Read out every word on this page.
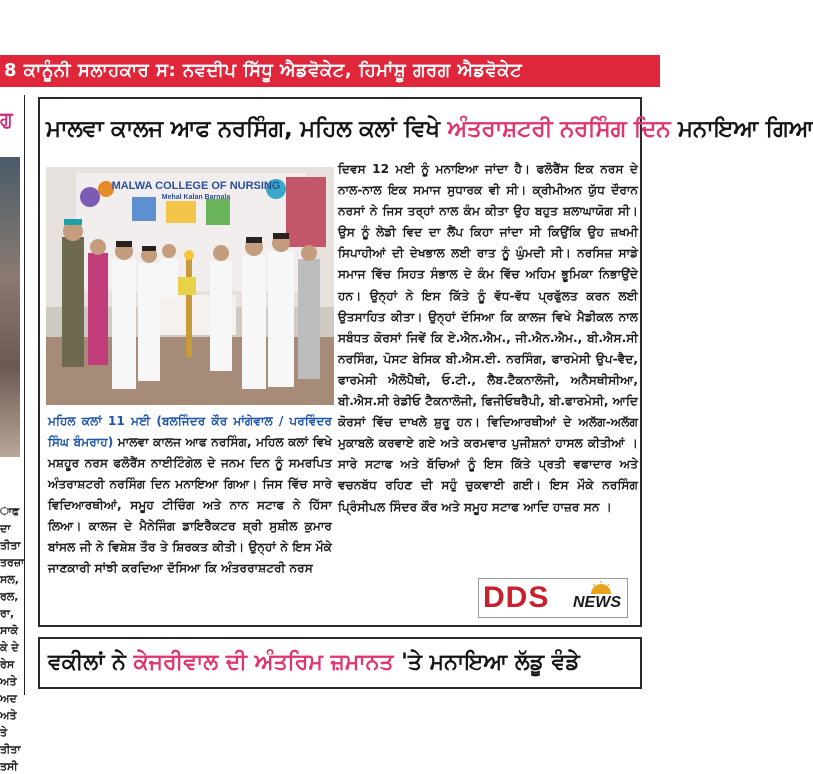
8 ਕਾਨੂੰਨੀ ਸਲਾਹਕਾਰ ਸ: ਨਵਦੀਪ ਸਿੱਧੂ ਐਡਵੋਕੇਟ, ਹਿਮਾਂਸ਼ੂ ਗਰਗ ਐਡਵੋਕੇਟ
ਗੁ
ਾਫ
ਦਾ
ਤੀਤਾ
ਤਰਜ਼ਾ
ਸਲ,
ਰਲ,
ਰਾ,
ਸਾਕੋ
ਕੇ ਦੇ
ਰੇਸ
ਅਤੇ
ਅਦ
ਅਤੇ
ਤੇ
ਤੀਤਾ
ਤਸੀ
ਮਾਲਵਾ ਕਾਲਜ ਆਫ ਨਰਸਿੰਗ, ਮਹਿਲ ਕਲਾਂ ਵਿਖੇ ਅੰਤਰਾਸ਼ਟਰੀ ਨਰਸਿੰਗ ਦਿਨ ਮਨਾਇਆ ਗਿਆ
MALWA COLLEGE OF NURSING
Mehal Kalan Barnala
ਮਹਿਲ ਕਲਾਂ 11 ਮਈ (ਬਲਜਿੰਦਰ ਕੌਰ ਮਾਂਗੇਵਾਲ / ਪਰਵਿੰਦਰ ਸਿੰਘ ਬੰਮਰਾਹ) ਮਾਲਵਾ ਕਾਲਜ ਆਫ ਨਰਸਿੰਗ, ਮਹਿਲ ਕਲਾਂ ਵਿਖੇ ਮਸ਼ਹੂਰ ਨਰਸ ਫਲੋਰੈਂਸ ਨਾਈਟਿੰਗੇਲ ਦੇ ਜਨਮ ਦਿਨ ਨੂੰ ਸਮਰਪਿਤ ਅੰਤਰਾਸ਼ਟਰੀ ਨਰਸਿੰਗ ਦਿਨ ਮਨਾਇਆ ਗਿਆ। ਜਿਸ ਵਿੱਚ ਸਾਰੇ ਵਿਦਿਆਰਥੀਆਂ, ਸਮੂਹ ਟੀਚਿੰਗ ਅਤੇ ਨਾਨ ਸਟਾਫ ਨੇ ਹਿੱਸਾ ਲਿਆ। ਕਾਲਜ ਦੇ ਮੈਨੇਜਿੰਗ ਡਾਇਰੈਕਟਰ ਸ਼੍ਰੀ ਸੁਸ਼ੀਲ ਕੁਮਾਰ ਬਾਂਸਲ ਜੀ ਨੇ ਵਿਸ਼ੇਸ਼ ਤੌਰ ਤੇ ਸ਼ਿਰਕਤ ਕੀਤੀ। ਉਨ੍ਹਾਂ ਨੇ ਇਸ ਮੌਕੇ ਜਾਣਕਾਰੀ ਸਾਂਝੀ ਕਰਦਿਆ ਦੱਸਿਆ ਕਿ ਅੰਤਰਰਾਸ਼ਟਰੀ ਨਰਸ
ਦਿਵਸ 12 ਮਈ ਨੂੰ ਮਨਾਇਆ ਜਾਂਦਾ ਹੈ। ਫਲੋਰੈਂਸ ਇਕ ਨਰਸ ਦੇ ਨਾਲ-ਨਾਲ ਇਕ ਸਮਾਜ ਸੁਧਾਰਕ ਵੀ ਸੀ। ਕ੍ਰੀਮੀਅਨ ਯੁੱਧ ਦੌਰਾਨ ਨਰਸਾਂ ਨੇ ਜਿਸ ਤਰ੍ਹਾਂ ਨਾਲ ਕੰਮ ਕੀਤਾ ਉਹ ਬਹੁਤ ਸ਼ਲਾਘਾਯੋਗ ਸੀ। ਉਸ ਨੂੰ ਲੇਡੀ ਵਿਦ ਦਾ ਲੈਂਪ ਕਿਹਾ ਜਾਂਦਾ ਸੀ ਕਿਉਂਕਿ ਉਹ ਜ਼ਖਮੀ ਸਿਪਾਹੀਆਂ ਦੀ ਦੇਖਭਾਲ ਲਈ ਰਾਤ ਨੂੰ ਘੁੰਮਦੀ ਸੀ। ਨਰਸਿਜ਼ ਸਾਡੇ ਸਮਾਜ ਵਿੱਚ ਸਿਹਤ ਸੰਭਾਲ ਦੇ ਕੰਮ ਵਿੱਚ ਅਹਿਮ ਭੂਮਿਕਾ ਨਿਭਾਉਂਦੇ ਹਨ। ਉਨ੍ਹਾਂ ਨੇ ਇਸ ਕਿੱਤੇ ਨੂੰ ਵੱਧ-ਵੱਧ ਪ੍ਰਫੁੱਲਤ ਕਰਨ ਲਈ ਉਤਸਾਹਿਤ ਕੀਤਾ। ਉਨ੍ਹਾਂ ਦੱਸਿਆ ਕਿ ਕਾਲਜ ਵਿਖੇ ਮੈਡੀਕਲ ਨਾਲ ਸਬੰਧਤ ਕੋਰਸਾਂ ਜਿਵੇਂ ਕਿ ਏ.ਐਨ.ਐਮ., ਜੀ.ਐਨ.ਐਮ., ਬੀ.ਐਸ.ਸੀ ਨਰਸਿੰਗ, ਪੋਸਟ ਬੇਸਿਕ ਬੀ.ਐਸ.ਈ. ਨਰਸਿੰਗ, ਫਾਰਮੇਸੀ ਉਪ-ਵੈਦ, ਫਾਰਮੇਸੀ ਐਲੋਪੈਥੀ, ਓ.ਟੀ., ਲੈਬ.ਟੈਕਨਾਲੋਜੀ, ਅਨੈਸਥੀਸੀਆ, ਬੀ.ਐਸ.ਸੀ ਰੇਡੀਓ ਟੈਕਨਾਲੋਜੀ, ਫਿਜੀਓਥਰੈਪੀ, ਬੀ.ਫਾਰਮੇਸੀ, ਆਦਿ ਕੋਰਸਾਂ ਵਿੱਚ ਦਾਖਲੇ ਸ਼ੁਰੂ ਹਨ। ਵਿਦਿਆਰਥੀਆਂ ਦੇ ਅਲੱਗ-ਅਲੱਗ ਮੁਕਾਬਲੇ ਕਰਵਾਏ ਗਏ ਅਤੇ ਕਰਮਵਾਰ ਪੁਜੀਸ਼ਨਾਂ ਹਾਸਲ ਕੀਤੀਆਂ । ਸਾਰੇ ਸਟਾਫ ਅਤੇ ਬੱਚਿਆਂ ਨੂੰ ਇਸ ਕਿੱਤੇ ਪ੍ਰਤੀ ਵਫਾਦਾਰ ਅਤੇ ਵਚਨਬੱਧ ਰਹਿਣ ਦੀ ਸਹੁੰ ਚੁਕਵਾਈ ਗਈ। ਇਸ ਮੌਕੇ ਨਰਸਿੰਗ ਪ੍ਰਿੰਸੀਪਲ ਸਿੰਦਰ ਕੌਰ ਅਤੇ ਸਮੂਹ ਸਟਾਫ ਆਦਿ ਹਾਜ਼ਰ ਸਨ ।
DDS NEWS
ਵਕੀਲਾਂ ਨੇ ਕੇਜਰੀਵਾਲ ਦੀ ਅੰਤਰਿਮ ਜ਼ਮਾਨਤ 'ਤੇ ਮਨਾਇਆ ਲੱਡੂ ਵੰਡੇ
